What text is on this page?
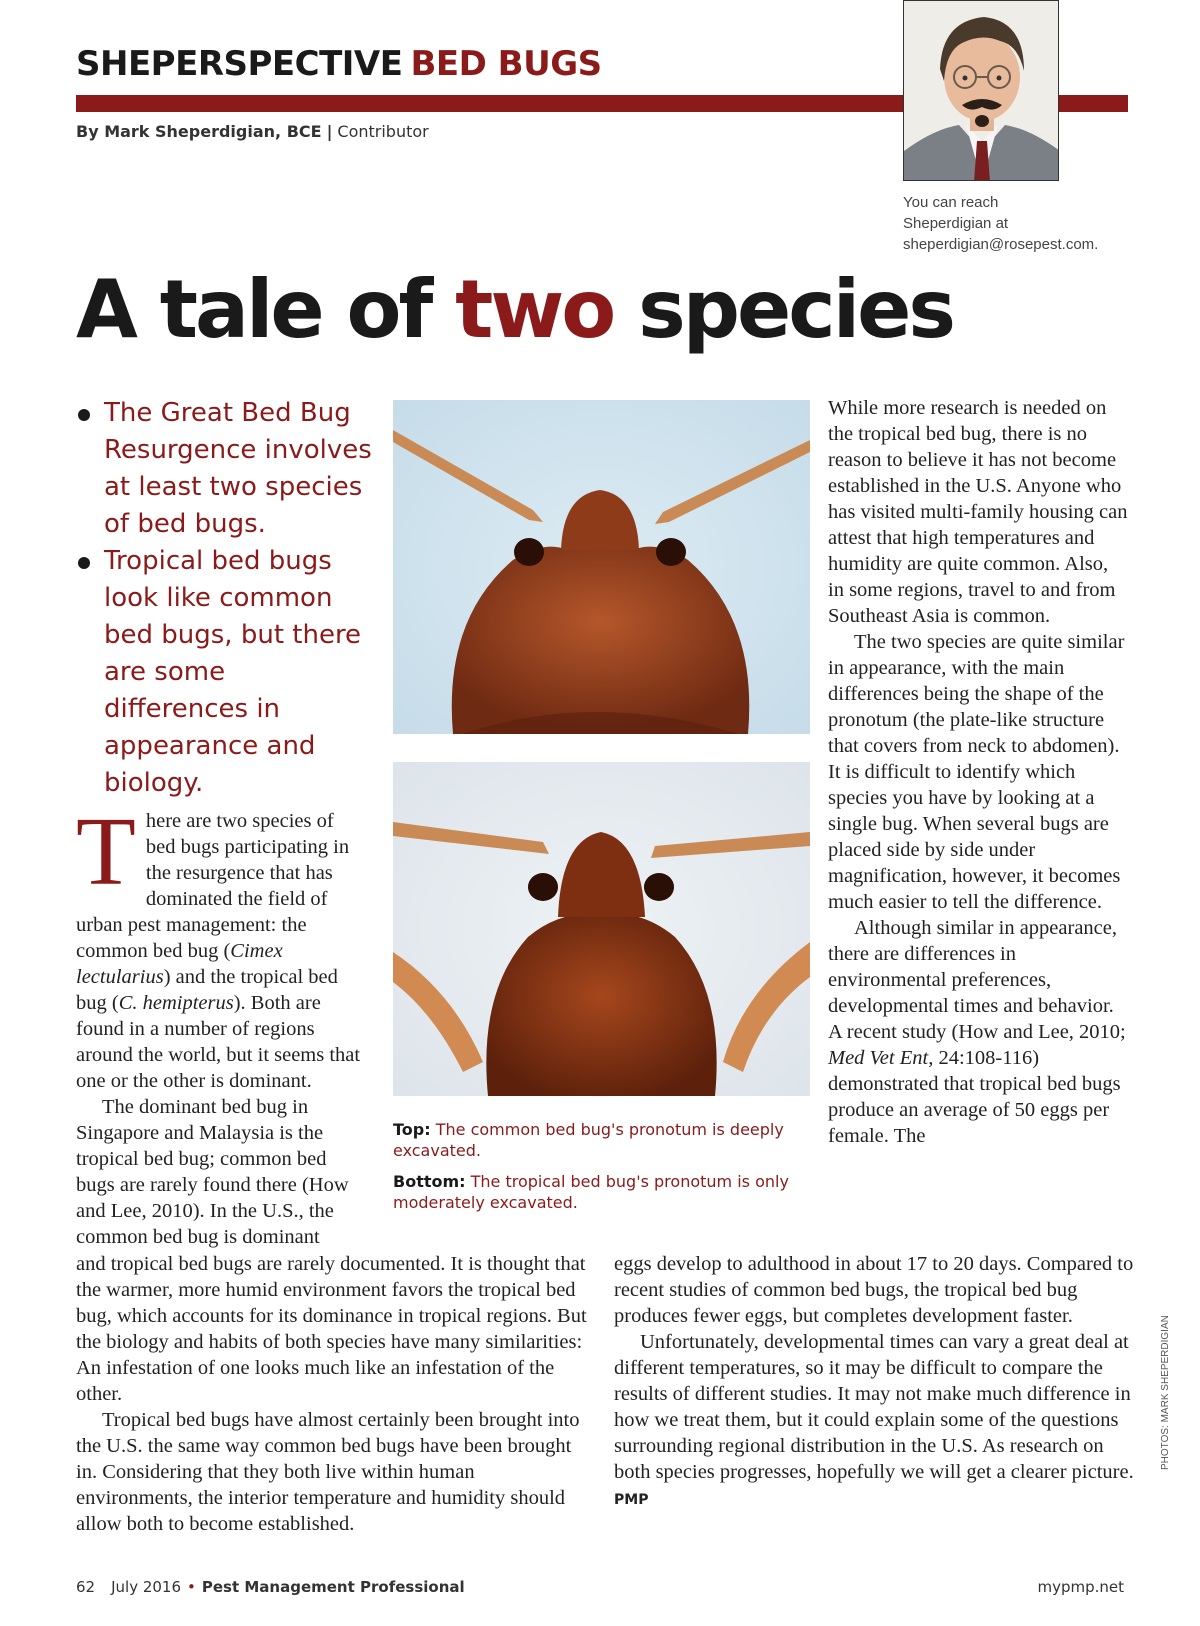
SHEPERSPECTIVE BED BUGS
By Mark Sheperdigian, BCE | Contributor
You can reach
Sheperdigian at
sheperdigian@rosepest.com.
A tale of two species
The Great Bed Bug Resurgence involves at least two species of bed bugs.
Tropical bed bugs look like common bed bugs, but there are some differences in appearance and biology.

Top: The common bed bug's pronotum is deeply excavated.

Bottom: The tropical bed bug's pronotum is only moderately excavated.

There are two species of bed bugs participating in the resurgence that has dominated the field of urban pest management: the common bed bug (Cimex lectularius) and the tropical bed bug (C. hemipterus). Both are found in a number of regions around the world, but it seems that one or the other is dominant.

The dominant bed bug in Singapore and Malaysia is the tropical bed bug; common bed bugs are rarely found there (How and Lee, 2010). In the U.S., the common bed bug is dominant

While more research is needed on the tropical bed bug, there is no reason to believe it has not become established in the U.S. Anyone who has visited multi-family housing can attest that high temperatures and humidity are quite common. Also, in some regions, travel to and from Southeast Asia is common.

The two species are quite similar in appearance, with the main differences being the shape of the pronotum (the plate-like structure that covers from neck to abdomen). It is difficult to identify which species you have by looking at a single bug. When several bugs are placed side by side under magnification, however, it becomes much easier to tell the difference.

Although similar in appearance, there are differences in environmental preferences, developmental times and behavior. A recent study (How and Lee, 2010; Med Vet Ent, 24:108-116) demonstrated that tropical bed bugs produce an average of 50 eggs per female. The

and tropical bed bugs are rarely documented. It is thought that the warmer, more humid environment favors the tropical bed bug, which accounts for its dominance in tropical regions. But the biology and habits of both species have many similarities: An infestation of one looks much like an infestation of the other.

Tropical bed bugs have almost certainly been brought into the U.S. the same way common bed bugs have been brought in. Considering that they both live within human environments, the interior temperature and humidity should allow both to become established.

eggs develop to adulthood in about 17 to 20 days. Compared to recent studies of common bed bugs, the tropical bed bug produces fewer eggs, but completes development faster.

Unfortunately, developmental times can vary a great deal at different temperatures, so it may be difficult to compare the results of different studies. It may not make much difference in how we treat them, but it could explain some of the questions surrounding regional distribution in the U.S. As research on both species progresses, hopefully we will get a clearer picture. PMP

PHOTOS: MARK SHEPERDIGIAN
62 July 2016 • Pest Management Professional	mypmp.net
